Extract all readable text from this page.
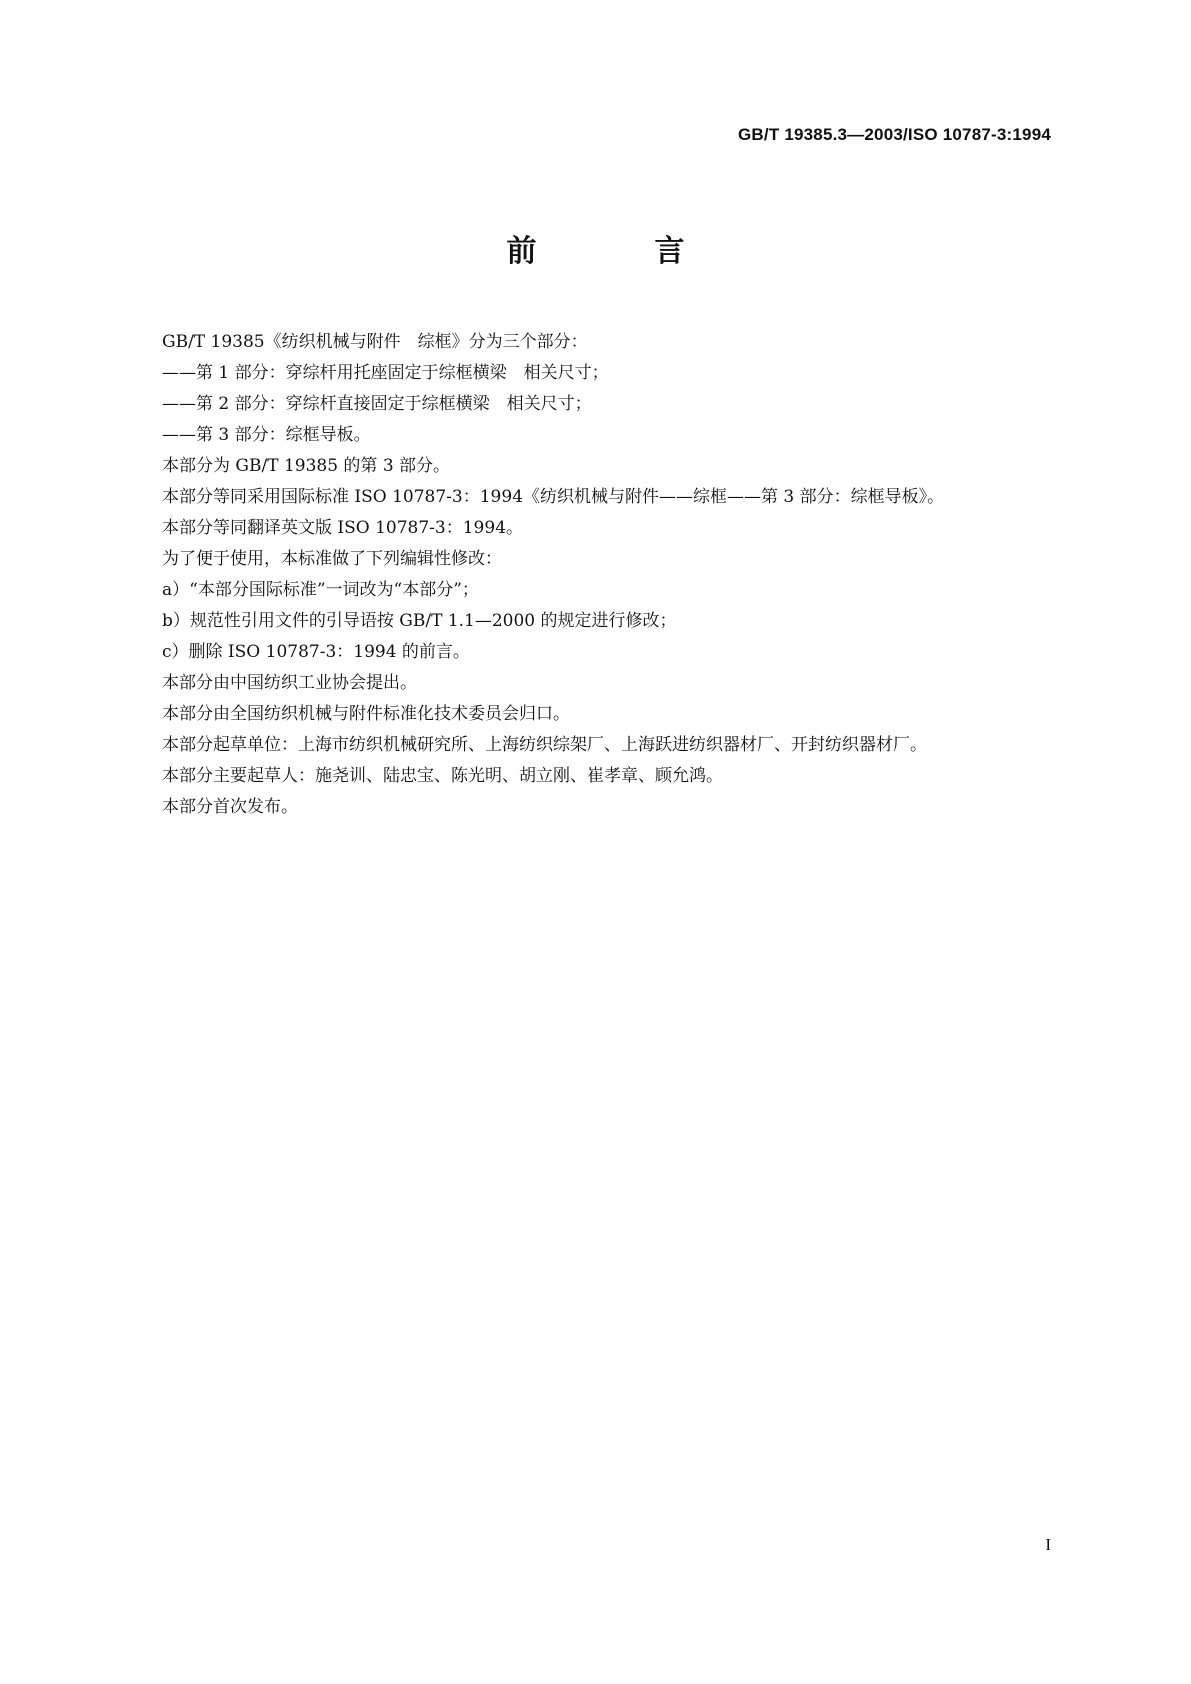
GB/T 19385.3—2003/ISO 10787-3:1994
前　言

GB/T 19385《纺织机械与附件　综框》分为三个部分：

——第 1 部分：穿综杆用托座固定于综框横梁　相关尺寸；

——第 2 部分：穿综杆直接固定于综框横梁　相关尺寸；

——第 3 部分：综框导板。

本部分为 GB/T 19385 的第 3 部分。

本部分等同采用国际标准 ISO 10787-3：1994《纺织机械与附件——综框——第 3 部分：综框导板》。

本部分等同翻译英文版 ISO 10787-3：1994。

为了便于使用，本标准做了下列编辑性修改：

a）“本部分国际标准”一词改为“本部分”；

b）规范性引用文件的引导语按 GB/T 1.1—2000 的规定进行修改；

c）删除 ISO 10787-3：1994 的前言。

本部分由中国纺织工业协会提出。

本部分由全国纺织机械与附件标准化技术委员会归口。

本部分起草单位：上海市纺织机械研究所、上海纺织综架厂、上海跃进纺织器材厂、开封纺织器材厂。

本部分主要起草人：施尧训、陆忠宝、陈光明、胡立刚、崔孝章、顾允鸿。

本部分首次发布。

I
